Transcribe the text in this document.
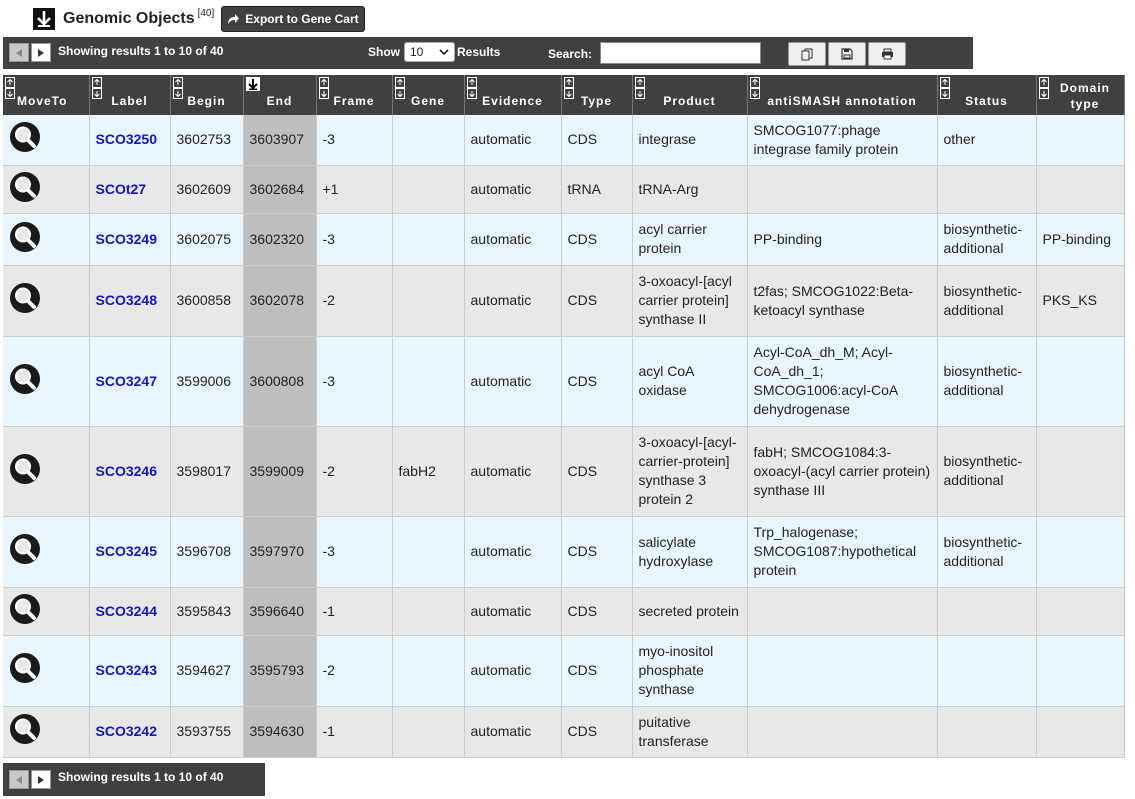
Genomic Objects [40]	Export to Gene Cart
Showing results 1 to 10 of 40	Show 10	Results	Search:
MoveTo	Label	Begin	End	Frame	Gene	Evidence	Type	Product	antiSMASH annotation	Status	Domain type

	SCO3250	3602753	3603907	-3		automatic	CDS	integrase	SMCOG1077:phage integrase family protein	other	
	SCOt27	3602609	3602684	+1		automatic	tRNA	tRNA-Arg			
	SCO3249	3602075	3602320	-3		automatic	CDS	acyl carrier protein	PP-binding	biosynthetic-additional	PP-binding
	SCO3248	3600858	3602078	-2		automatic	CDS	3-oxoacyl-[acyl carrier protein] synthase II	t2fas; SMCOG1022:Beta-ketoacyl synthase	biosynthetic-additional	PKS_KS
	SCO3247	3599006	3600808	-3		automatic	CDS	acyl CoA oxidase	Acyl-CoA_dh_M; Acyl-CoA_dh_1; SMCOG1006:acyl-CoA dehydrogenase	biosynthetic-additional	
	SCO3246	3598017	3599009	-2	fabH2	automatic	CDS	3-oxoacyl-[acyl-carrier-protein] synthase 3 protein 2	fabH; SMCOG1084:3-oxoacyl-(acyl carrier protein) synthase III	biosynthetic-additional	
	SCO3245	3596708	3597970	-3		automatic	CDS	salicylate hydroxylase	Trp_halogenase; SMCOG1087:hypothetical protein	biosynthetic-additional	
	SCO3244	3595843	3596640	-1		automatic	CDS	secreted protein			
	SCO3243	3594627	3595793	-2		automatic	CDS	myo-inositol phosphate synthase			
	SCO3242	3593755	3594630	-1		automatic	CDS	puitative transferase			
Showing results 1 to 10 of 40
